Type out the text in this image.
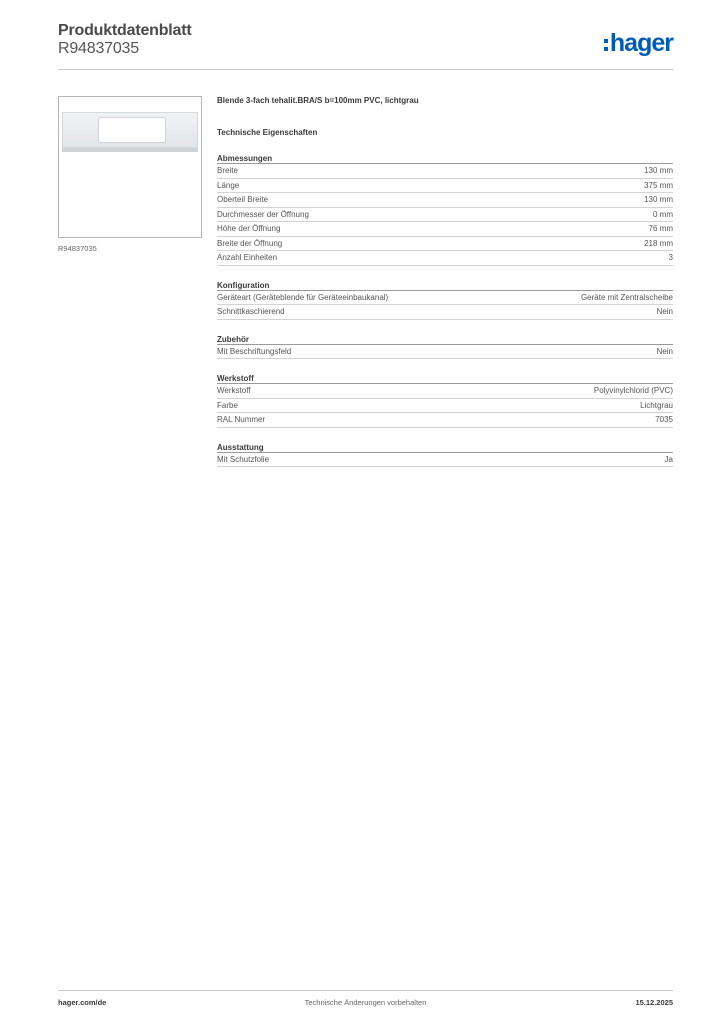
Produktdatenblatt
R94837035	hager
R94837035
Blende 3-fach tehalit.BRA/S b=100mm PVC, lichtgrau
Technische Eigenschaften
Abmessungen
Breite	130 mm
Länge	375 mm
Oberteil Breite	130 mm
Durchmesser der Öffnung	0 mm
Höhe der Öffnung	76 mm
Breite der Öffnung	218 mm
Anzahl Einheiten	3
Konfiguration
Geräteart (Geräteblende für Geräteeinbaukanal)	Geräte mit Zentralscheibe
Schnittkaschierend	Nein
Zubehör
Mit Beschriftungsfeld	Nein
Werkstoff
Werkstoff	Polyvinylchlorid (PVC)
Farbe	Lichtgrau
RAL Nummer	7035
Ausstattung
Mit Schutzfolie	Ja
hager.com/de	Technische Änderungen vorbehalten	15.12.2025
